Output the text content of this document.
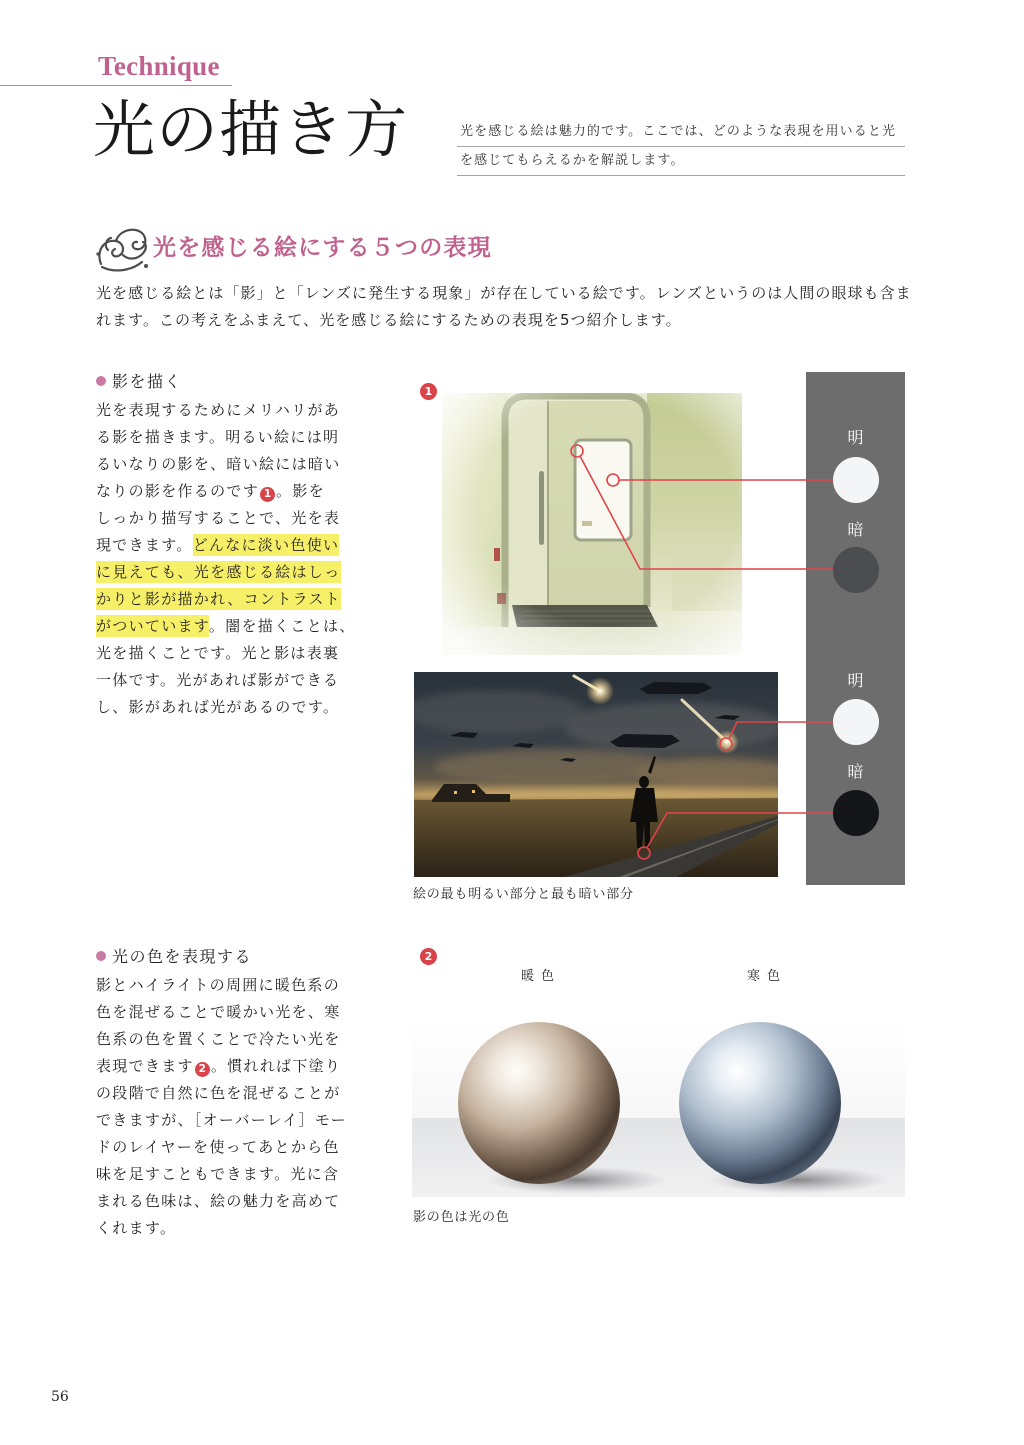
Technique
光の描き方	光を感じる絵は魅力的です。ここでは、どのような表現を用いると光
を感じてもらえるかを解説します。
光を感じる絵にする５つの表現
光を感じる絵とは「影」と「レンズに発生する現象」が存在している絵です。レンズというのは人間の眼球も含ま
れます。この考えをふまえて、光を感じる絵にするための表現を5つ紹介します。
影を描く
光を表現するためにメリハリがあ
る影を描きます。明るい絵には明
るいなりの影を、暗い絵には暗い
なりの影を作るのです 1 。影を
しっかり描写することで、光を表
現できます。どんなに淡い色使い
に見えても、光を感じる絵はしっ
かりと影が描かれ、コントラスト
がついています。闇を描くことは、
光を描くことです。光と影は表裏
一体です。光があれば影ができる
し、影があれば光があるのです。
1
明
暗
明
暗
絵の最も明るい部分と最も暗い部分
光の色を表現する
影とハイライトの周囲に暖色系の
色を混ぜることで暖かい光を、寒
色系の色を置くことで冷たい光を
表現できます 2 。慣れれば下塗り
の段階で自然に色を混ぜることが
できますが、［オーバーレイ］モー
ドのレイヤーを使ってあとから色
味を足すこともできます。光に含
まれる色味は、絵の魅力を高めて
くれます。
2
暖色	寒色
影の色は光の色
56
